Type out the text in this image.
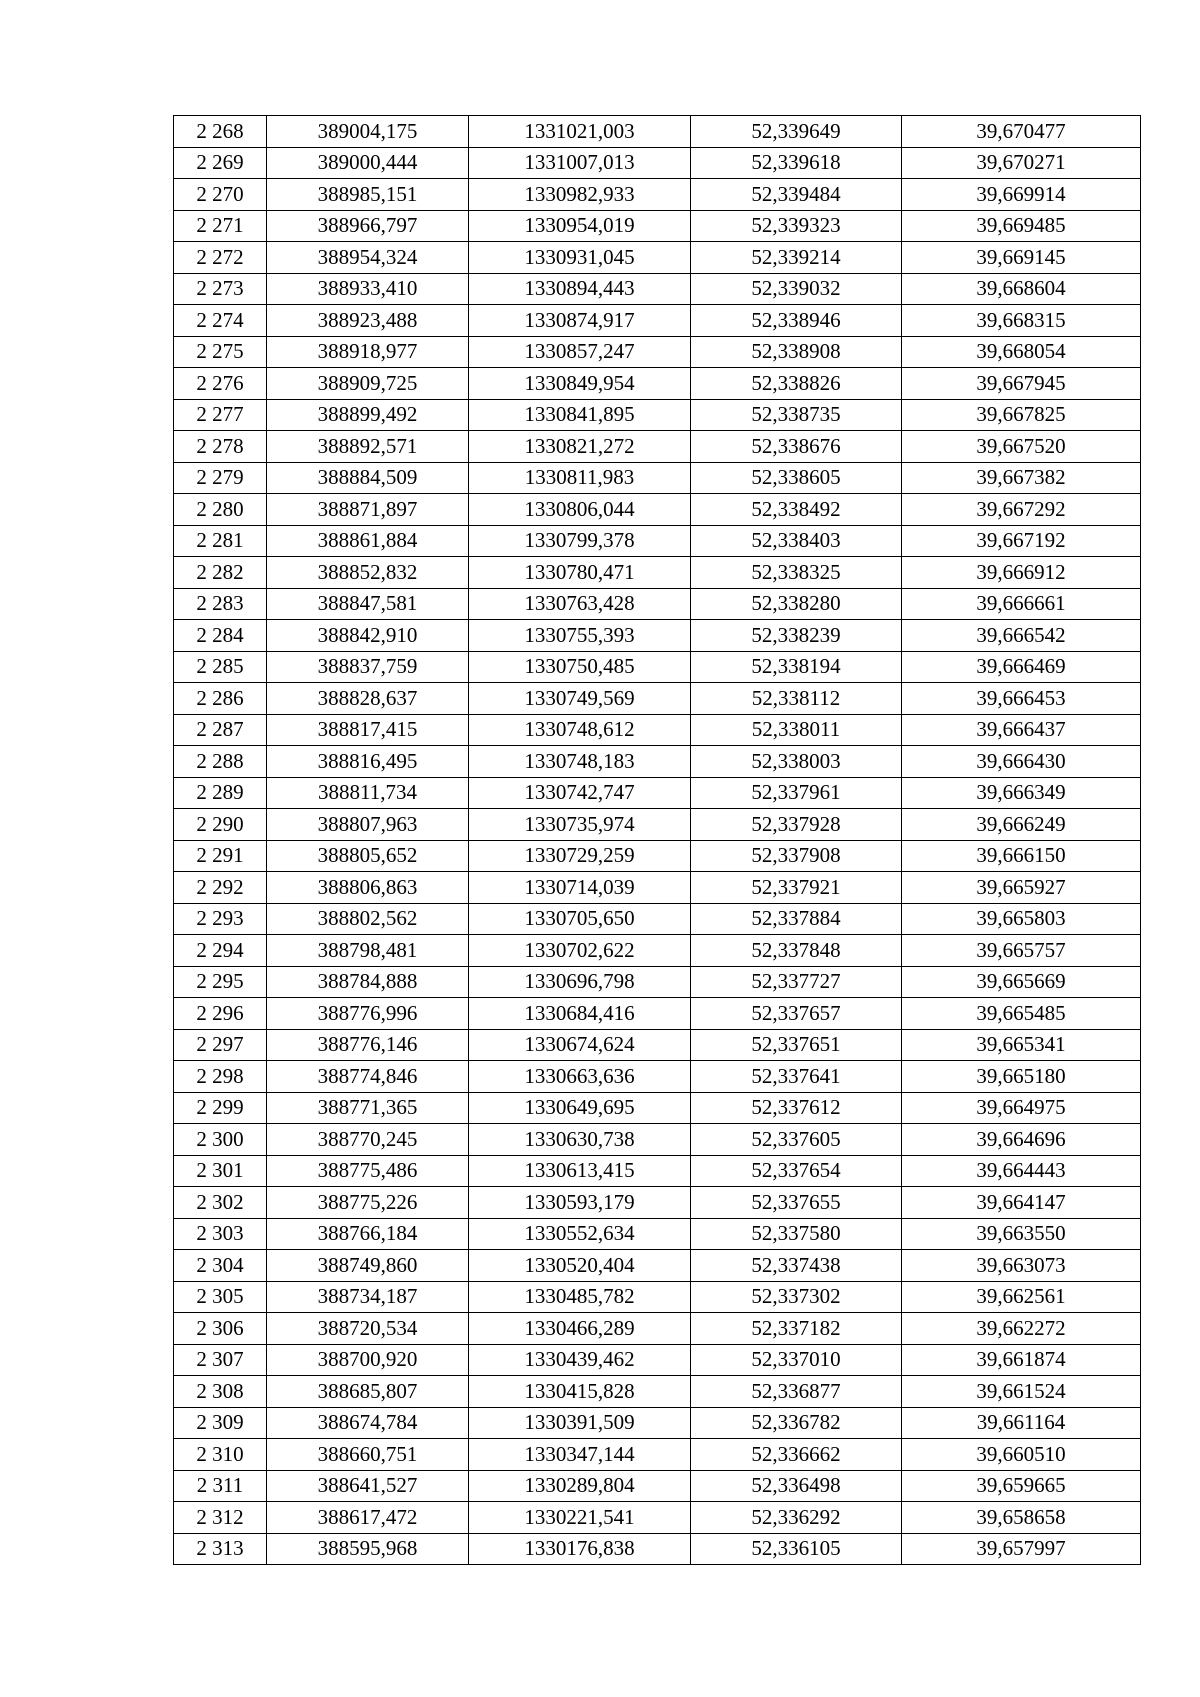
2 268	389004,175	1331021,003	52,339649	39,670477
2 269	389000,444	1331007,013	52,339618	39,670271
2 270	388985,151	1330982,933	52,339484	39,669914
2 271	388966,797	1330954,019	52,339323	39,669485
2 272	388954,324	1330931,045	52,339214	39,669145
2 273	388933,410	1330894,443	52,339032	39,668604
2 274	388923,488	1330874,917	52,338946	39,668315
2 275	388918,977	1330857,247	52,338908	39,668054
2 276	388909,725	1330849,954	52,338826	39,667945
2 277	388899,492	1330841,895	52,338735	39,667825
2 278	388892,571	1330821,272	52,338676	39,667520
2 279	388884,509	1330811,983	52,338605	39,667382
2 280	388871,897	1330806,044	52,338492	39,667292
2 281	388861,884	1330799,378	52,338403	39,667192
2 282	388852,832	1330780,471	52,338325	39,666912
2 283	388847,581	1330763,428	52,338280	39,666661
2 284	388842,910	1330755,393	52,338239	39,666542
2 285	388837,759	1330750,485	52,338194	39,666469
2 286	388828,637	1330749,569	52,338112	39,666453
2 287	388817,415	1330748,612	52,338011	39,666437
2 288	388816,495	1330748,183	52,338003	39,666430
2 289	388811,734	1330742,747	52,337961	39,666349
2 290	388807,963	1330735,974	52,337928	39,666249
2 291	388805,652	1330729,259	52,337908	39,666150
2 292	388806,863	1330714,039	52,337921	39,665927
2 293	388802,562	1330705,650	52,337884	39,665803
2 294	388798,481	1330702,622	52,337848	39,665757
2 295	388784,888	1330696,798	52,337727	39,665669
2 296	388776,996	1330684,416	52,337657	39,665485
2 297	388776,146	1330674,624	52,337651	39,665341
2 298	388774,846	1330663,636	52,337641	39,665180
2 299	388771,365	1330649,695	52,337612	39,664975
2 300	388770,245	1330630,738	52,337605	39,664696
2 301	388775,486	1330613,415	52,337654	39,664443
2 302	388775,226	1330593,179	52,337655	39,664147
2 303	388766,184	1330552,634	52,337580	39,663550
2 304	388749,860	1330520,404	52,337438	39,663073
2 305	388734,187	1330485,782	52,337302	39,662561
2 306	388720,534	1330466,289	52,337182	39,662272
2 307	388700,920	1330439,462	52,337010	39,661874
2 308	388685,807	1330415,828	52,336877	39,661524
2 309	388674,784	1330391,509	52,336782	39,661164
2 310	388660,751	1330347,144	52,336662	39,660510
2 311	388641,527	1330289,804	52,336498	39,659665
2 312	388617,472	1330221,541	52,336292	39,658658
2 313	388595,968	1330176,838	52,336105	39,657997
